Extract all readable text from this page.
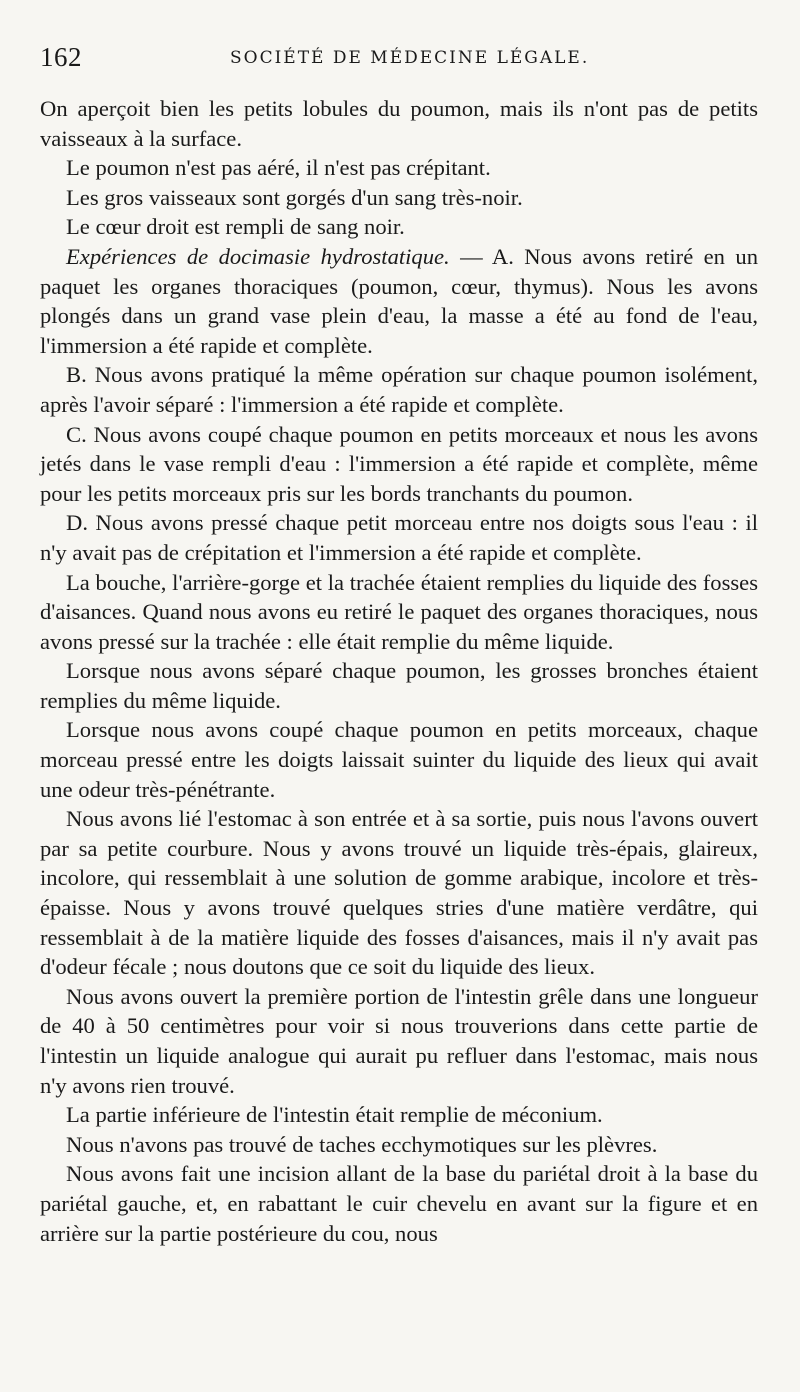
162	SOCIÉTÉ DE MÉDECINE LÉGALE.

On aperçoit bien les petits lobules du poumon, mais ils n'ont pas de petits vaisseaux à la surface.

Le poumon n'est pas aéré, il n'est pas crépitant.

Les gros vaisseaux sont gorgés d'un sang très-noir.

Le cœur droit est rempli de sang noir.

Expériences de docimasie hydrostatique. — A. Nous avons retiré en un paquet les organes thoraciques (poumon, cœur, thymus). Nous les avons plongés dans un grand vase plein d'eau, la masse a été au fond de l'eau, l'immersion a été rapide et complète.

B. Nous avons pratiqué la même opération sur chaque poumon isolément, après l'avoir séparé : l'immersion a été rapide et complète.

C. Nous avons coupé chaque poumon en petits morceaux et nous les avons jetés dans le vase rempli d'eau : l'immersion a été rapide et complète, même pour les petits morceaux pris sur les bords tranchants du poumon.

D. Nous avons pressé chaque petit morceau entre nos doigts sous l'eau : il n'y avait pas de crépitation et l'immersion a été rapide et complète.

La bouche, l'arrière-gorge et la trachée étaient remplies du liquide des fosses d'aisances. Quand nous avons eu retiré le paquet des organes thoraciques, nous avons pressé sur la trachée : elle était remplie du même liquide.

Lorsque nous avons séparé chaque poumon, les grosses bronches étaient remplies du même liquide.

Lorsque nous avons coupé chaque poumon en petits morceaux, chaque morceau pressé entre les doigts laissait suinter du liquide des lieux qui avait une odeur très-pénétrante.

Nous avons lié l'estomac à son entrée et à sa sortie, puis nous l'avons ouvert par sa petite courbure. Nous y avons trouvé un liquide très-épais, glaireux, incolore, qui ressemblait à une solution de gomme arabique, incolore et très-épaisse. Nous y avons trouvé quelques stries d'une matière verdâtre, qui ressemblait à de la matière liquide des fosses d'aisances, mais il n'y avait pas d'odeur fécale ; nous doutons que ce soit du liquide des lieux.

Nous avons ouvert la première portion de l'intestin grêle dans une longueur de 40 à 50 centimètres pour voir si nous trouverions dans cette partie de l'intestin un liquide analogue qui aurait pu refluer dans l'estomac, mais nous n'y avons rien trouvé.

La partie inférieure de l'intestin était remplie de méconium.

Nous n'avons pas trouvé de taches ecchymotiques sur les plèvres.

Nous avons fait une incision allant de la base du pariétal droit à la base du pariétal gauche, et, en rabattant le cuir chevelu en avant sur la figure et en arrière sur la partie postérieure du cou, nous
